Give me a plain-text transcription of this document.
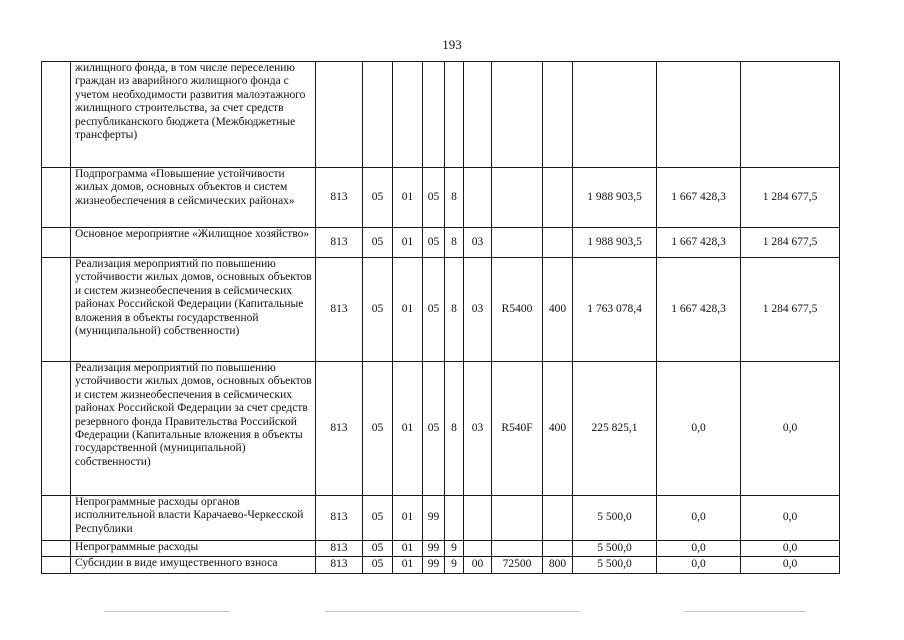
193
	жилищного фонда, в том числе переселению граждан из аварийного жилищного фонда с учетом необходимости развития малоэтажного жилищного строительства, за счет средств республиканского бюджета (Межбюджетные трансферты)											
	Подпрограмма «Повышение устойчивости жилых домов, основных объектов и систем жизнеобеспечения в сейсмических районах»	813	05	01	05	8				1 988 903,5	1 667 428,3	1 284 677,5
	Основное мероприятие «Жилищное хозяйство»	813	05	01	05	8	03			1 988 903,5	1 667 428,3	1 284 677,5
	Реализация мероприятий по повышению устойчивости жилых домов, основных объектов и систем жизнеобеспечения в сейсмических районах Российской Федерации (Капитальные вложения в объекты государственной (муниципальной) собственности)	813	05	01	05	8	03	R5400	400	1 763 078,4	1 667 428,3	1 284 677,5
	Реализация мероприятий по повышению устойчивости жилых домов, основных объектов и систем жизнеобеспечения в сейсмических районах Российской Федерации за счет средств резервного фонда Правительства Российской Федерации (Капитальные вложения в объекты государственной (муниципальной) собственности)	813	05	01	05	8	03	R540F	400	225 825,1	0,0	0,0
	Непрограммные расходы органов исполнительной власти Карачаево-Черкесской Республики	813	05	01	99					5 500,0	0,0	0,0
	Непрограммные расходы	813	05	01	99	9				5 500,0	0,0	0,0
	Субсидии в виде имущественного взноса	813	05	01	99	9	00	72500	800	5 500,0	0,0	0,0
